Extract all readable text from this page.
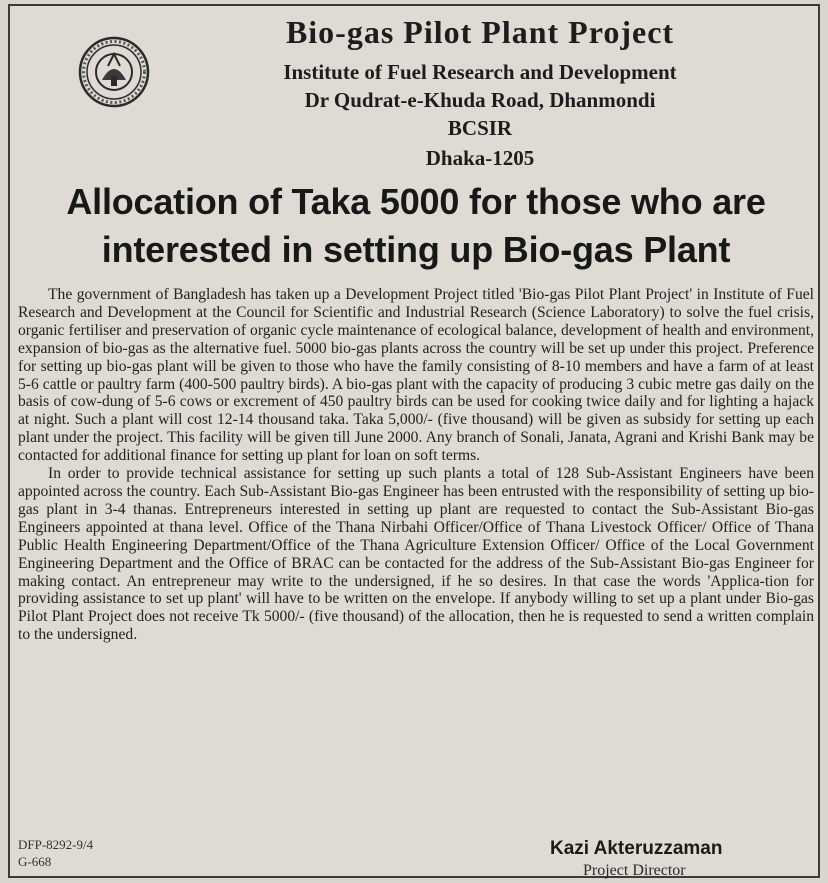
Bio-gas Pilot Plant Project
Institute of Fuel Research and Development
Dr Qudrat-e-Khuda Road, Dhanmondi
BCSIR
Dhaka-1205
Allocation of Taka 5000 for those who are
interested in setting up Bio-gas Plant

The government of Bangladesh has taken up a Development Project titled 'Bio-gas Pilot Plant Project' in Institute of Fuel Research and Development at the Council for Scientific and Industrial Research (Science Laboratory) to solve the fuel crisis, organic fertiliser and preservation of organic cycle maintenance of ecological balance, development of health and environment, expansion of bio-gas as the alternative fuel. 5000 bio-gas plants across the country will be set up under this project. Preference for setting up bio-gas plant will be given to those who have the family consisting of 8-10 members and have a farm of at least 5-6 cattle or paultry farm (400-500 paultry birds). A bio-gas plant with the capacity of producing 3 cubic metre gas daily on the basis of cow-dung of 5-6 cows or excrement of 450 paultry birds can be used for cooking twice daily and for lighting a hajack at night. Such a plant will cost 12-14 thousand taka. Taka 5,000/- (five thousand) will be given as subsidy for setting up each plant under the project. This facility will be given till June 2000. Any branch of Sonali, Janata, Agrani and Krishi Bank may be contacted for additional finance for setting up plant for loan on soft terms.

In order to provide technical assistance for setting up such plants a total of 128 Sub-Assistant Engineers have been appointed across the country. Each Sub-Assistant Bio-gas Engineer has been entrusted with the responsibility of setting up bio-gas plant in 3-4 thanas. Entrepreneurs interested in setting up plant are requested to contact the Sub-Assistant Bio-gas Engineers appointed at thana level. Office of the Thana Nirbahi Officer/Office of Thana Livestock Officer/ Office of Thana Public Health Engineering Department/Office of the Thana Agriculture Extension Officer/ Office of the Local Government Engineering Department and the Office of BRAC can be contacted for the address of the Sub-Assistant Bio-gas Engineer for making contact. An entrepreneur may write to the undersigned, if he so desires. In that case the words 'Applica-tion for providing assistance to set up plant' will have to be written on the envelope. If anybody willing to set up a plant under Bio-gas Pilot Plant Project does not receive Tk 5000/- (five thousand) of the allocation, then he is requested to send a written complain to the undersigned.

DFP-8292-9/4
G-668
Kazi Akteruzzaman
Project Director
